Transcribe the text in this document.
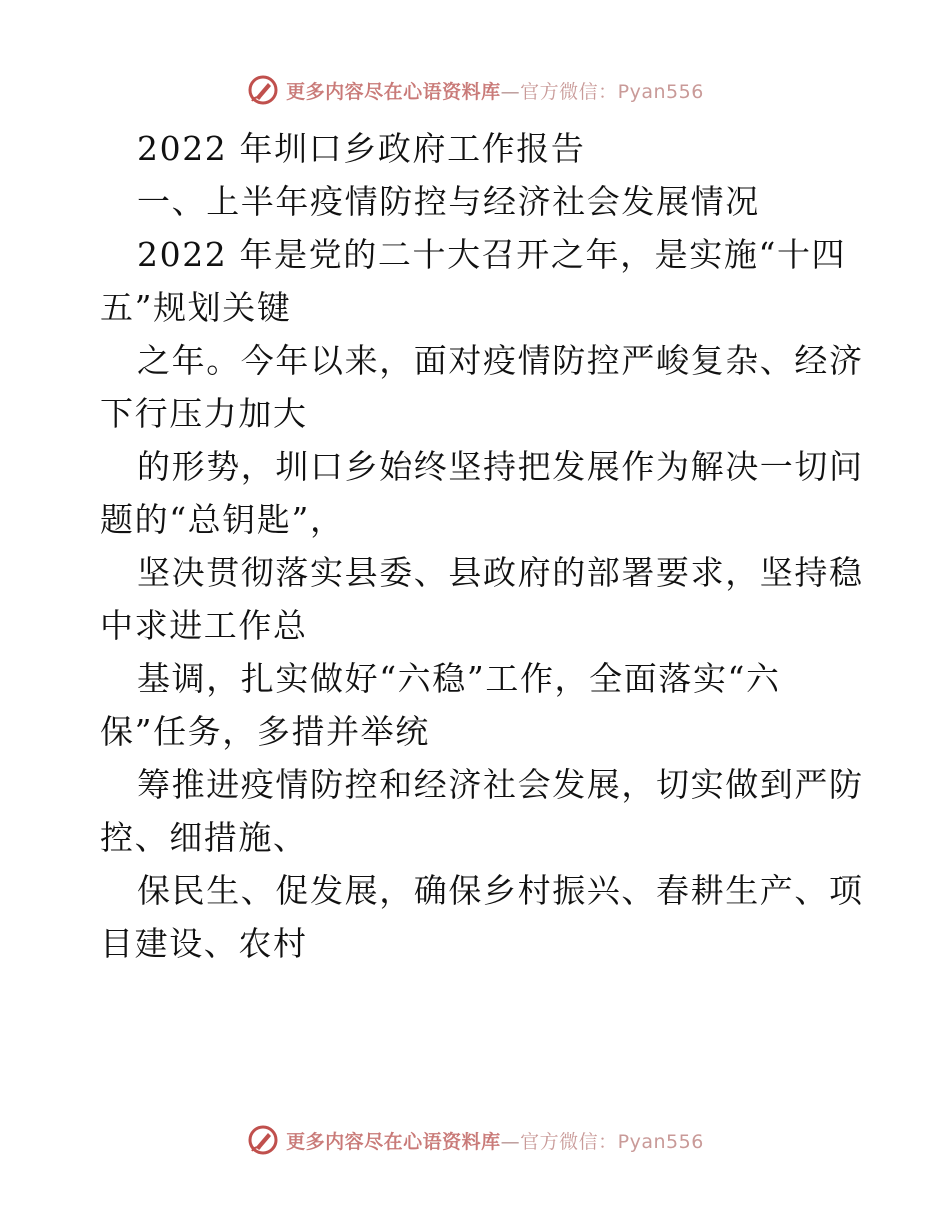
更多内容尽在心语资料库—官方微信：Pyan556
2022 年圳口乡政府工作报告
一、上半年疫情防控与经济社会发展情况
2022 年是党的二十大召开之年，是实施“十四
五”规划关键
之年。今年以来，面对疫情防控严峻复杂、经济
下行压力加大
的形势，圳口乡始终坚持把发展作为解决一切问
题的“总钥匙”，
坚决贯彻落实县委、县政府的部署要求，坚持稳
中求进工作总
基调，扎实做好“六稳”工作，全面落实“六
保”任务，多措并举统
筹推进疫情防控和经济社会发展，切实做到严防
控、细措施、
保民生、促发展，确保乡村振兴、春耕生产、项
目建设、农村
更多内容尽在心语资料库—官方微信：Pyan556
